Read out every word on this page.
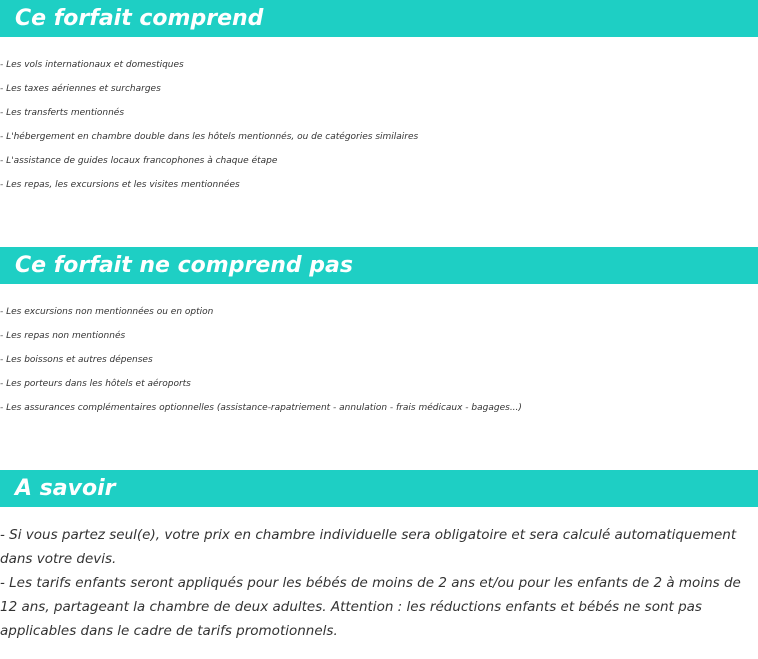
Ce forfait comprend
- Les vols internationaux et domestiques
- Les taxes aériennes et surcharges
- Les transferts mentionnés
- L'hébergement en chambre double dans les hôtels mentionnés, ou de catégories similaires
- L'assistance de guides locaux francophones à chaque étape
- Les repas, les excursions et les visites mentionnées
Ce forfait ne comprend pas
- Les excursions non mentionnées ou en option
- Les repas non mentionnés
- Les boissons et autres dépenses
- Les porteurs dans les hôtels et aéroports
- Les assurances complémentaires optionnelles (assistance-rapatriement - annulation - frais médicaux - bagages...)
A savoir
- Si vous partez seul(e), votre prix en chambre individuelle sera obligatoire et sera calculé automatiquement dans votre devis.
- Les tarifs enfants seront appliqués pour les bébés de moins de 2 ans et/ou pour les enfants de 2 à moins de 12 ans, partageant la chambre de deux adultes. Attention : les réductions enfants et bébés ne sont pas applicables dans le cadre de tarifs promotionnels.
